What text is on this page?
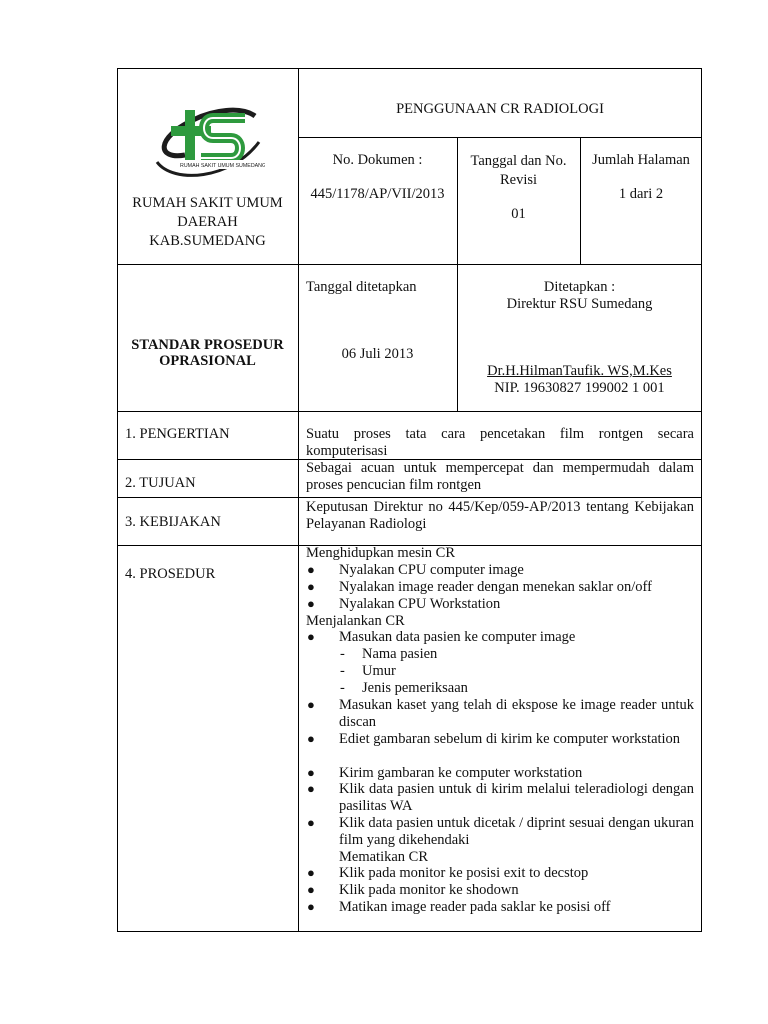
RUMAH SAKIT UMUM SUMEDANG
RUMAH SAKIT UMUM
DAERAH
KAB.SUMEDANG
PENGGUNAAN CR RADIOLOGI
No. Dokumen :
445/1178/AP/VII/2013
Tanggal dan No.
Revisi
01
Jumlah Halaman
1 dari 2
STANDAR PROSEDUR
OPRASIONAL
Tanggal ditetapkan
06 Juli 2013
Ditetapkan :
Direktur RSU Sumedang
Dr.H.HilmanTaufik. WS,M.Kes
NIP. 19630827 199002 1 001
1. PENGERTIAN	Suatu proses tata cara pencetakan film rontgen secara komputerisasi
2. TUJUAN
Sebagai acuan untuk mempercepat dan mempermudah dalam proses pencucian film rontgen
3. KEBIJAKAN
Keputusan Direktur no 445/Kep/059-AP/2013 tentang Kebijakan Pelayanan Radiologi
4. PROSEDUR
Menghidupkan mesin CR
● Nyalakan CPU computer image
● Nyalakan image reader dengan menekan saklar on/off
● Nyalakan CPU Workstation
Menjalankan CR
● Masukan data pasien ke computer image
- Nama pasien
- Umur
- Jenis pemeriksaan
● Masukan kaset yang telah di ekspose ke image reader untuk discan
● Ediet gambaran sebelum di kirim ke computer workstation
● Kirim gambaran ke computer workstation
● Klik data pasien untuk di kirim melalui teleradiologi dengan pasilitas WA
● Klik data pasien untuk dicetak / diprint sesuai dengan ukuran film yang dikehendaki
Mematikan CR
● Klik pada monitor ke posisi exit to decstop
● Klik pada monitor ke shodown
● Matikan image reader pada saklar ke posisi off
